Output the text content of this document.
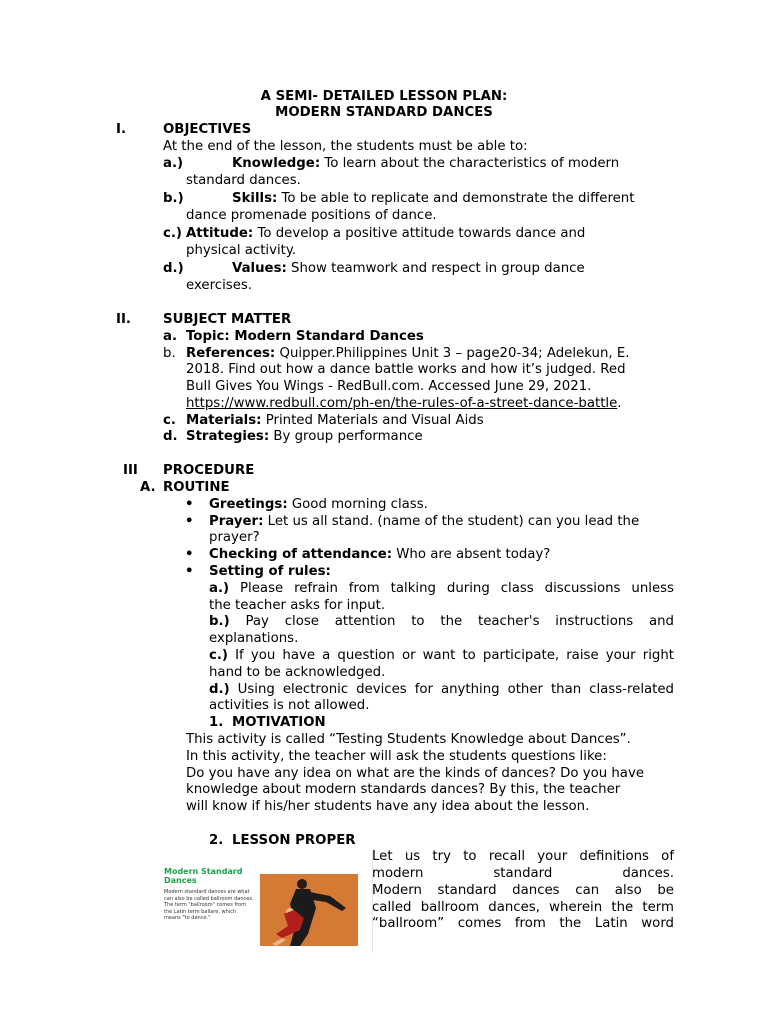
A SEMI- DETAILED LESSON PLAN:
MODERN STANDARD DANCES
I.	OBJECTIVES
At the end of the lesson, the students must be able to:
a.)	Knowledge: To learn about the characteristics of modern
standard dances.
b.)	Skills: To be able to replicate and demonstrate the different
dance promenade positions of dance.
c.) Attitude: To develop a positive attitude towards dance and
physical activity.
d.)	Values: Show teamwork and respect in group dance
exercises.
II. SUBJECT MATTER
a. Topic: Modern Standard Dances
b. References: Quipper.Philippines Unit 3 – page20-34; Adelekun, E.
2018. Find out how a dance battle works and how it’s judged. Red
Bull Gives You Wings - RedBull.com. Accessed June 29, 2021.
https://www.redbull.com/ph-en/the-rules-of-a-street-dance-battle.
c. Materials: Printed Materials and Visual Aids
d. Strategies: By group performance
III PROCEDURE
A. ROUTINE
• Greetings: Good morning class.
• Prayer: Let us all stand. (name of the student) can you lead the
prayer?
• Checking of attendance: Who are absent today?
• Setting of rules:
a.) Please refrain from talking during class discussions unless
the teacher asks for input.
b.) Pay close attention to the teacher's instructions and
explanations.
c.) If you have a question or want to participate, raise your right
hand to be acknowledged.
d.) Using electronic devices for anything other than class-related
activities is not allowed.
1. MOTIVATION
This activity is called “Testing Students Knowledge about Dances”.
In this activity, the teacher will ask the students questions like:
Do you have any idea on what are the kinds of dances? Do you have
knowledge about modern standards dances? By this, the teacher
will know if his/her students have any idea about the lesson.
2. LESSON PROPER
Modern Standard
Dances
Modern standard dances are what can also be called ballroom dances. The term "ballroom" comes from the Latin term ballare, which means "to dance."
Let us try to recall your definitions of
modern standard dances.
Modern standard dances can also be
called ballroom dances, wherein the term
“ballroom” comes from the Latin word
